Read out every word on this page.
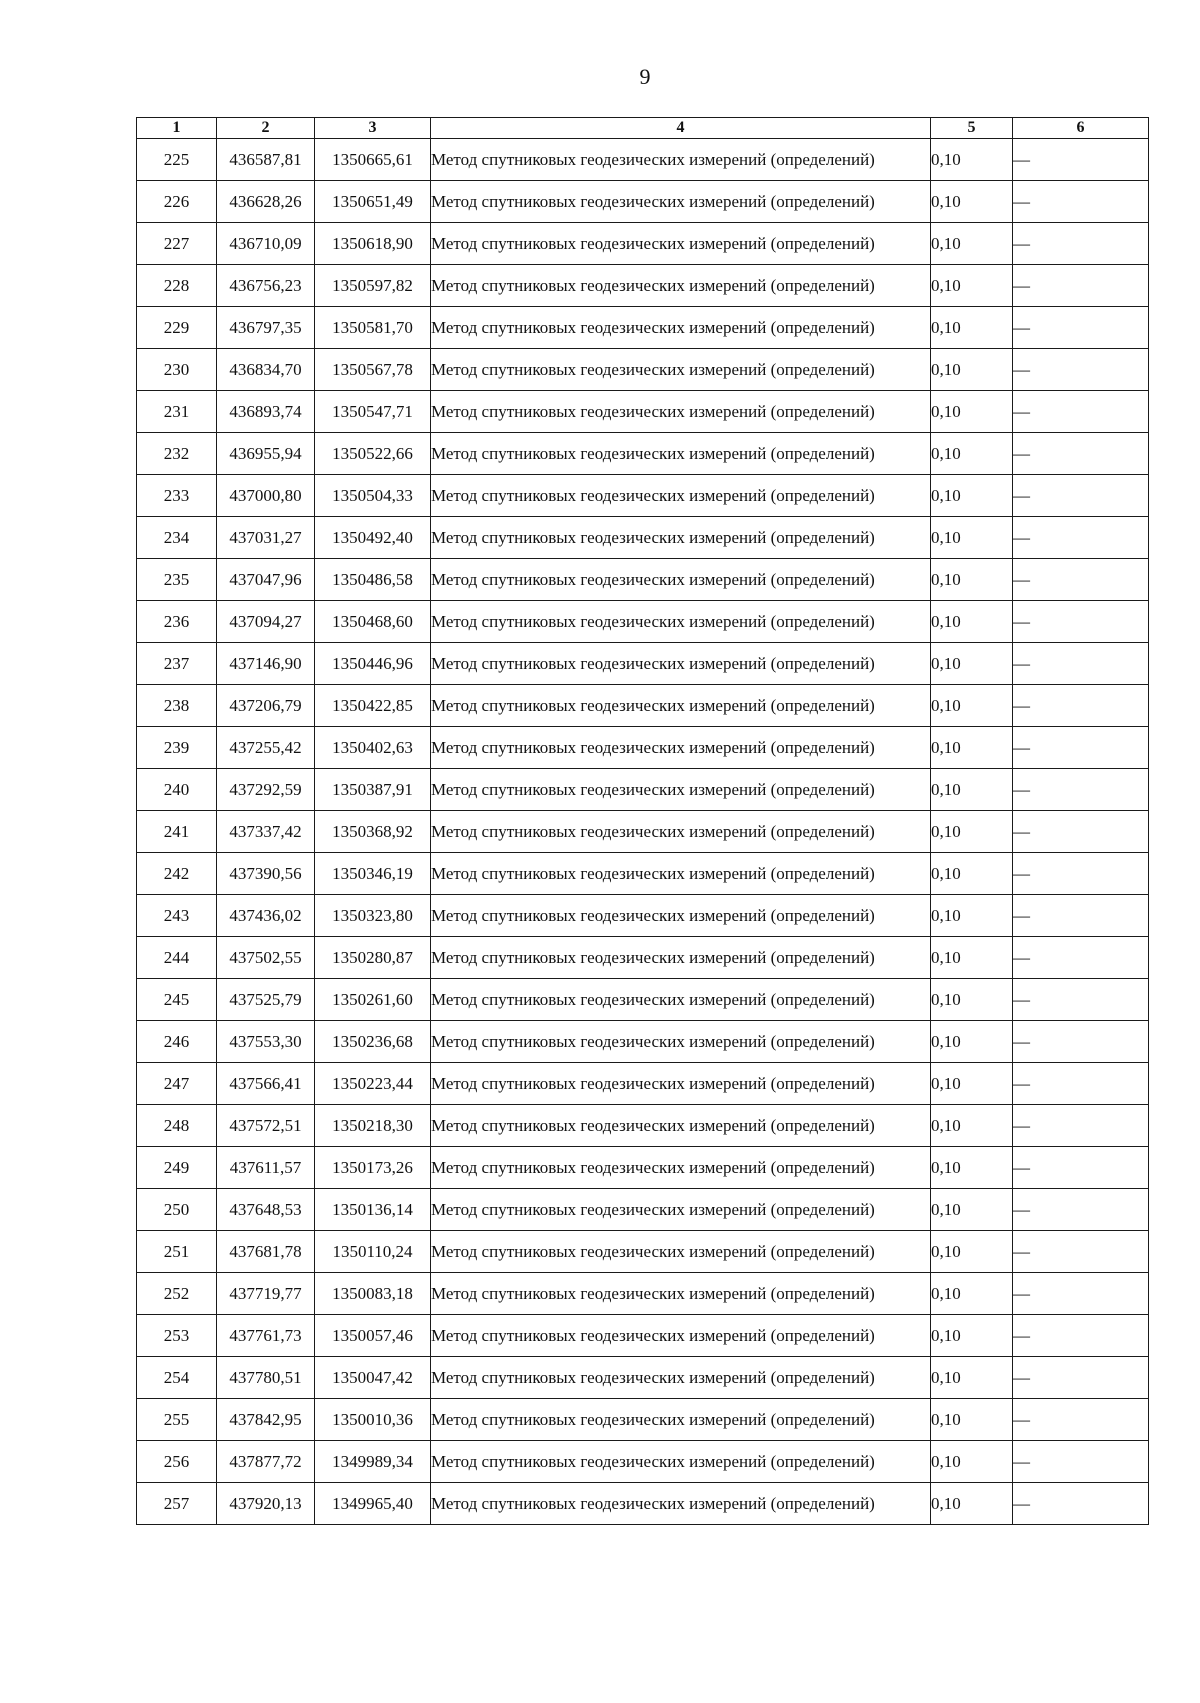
9
1	2	3	4	5	6
225	436587,81	1350665,61	Метод спутниковых геодезических измерений (определений)	0,10	—
226	436628,26	1350651,49	Метод спутниковых геодезических измерений (определений)	0,10	—
227	436710,09	1350618,90	Метод спутниковых геодезических измерений (определений)	0,10	—
228	436756,23	1350597,82	Метод спутниковых геодезических измерений (определений)	0,10	—
229	436797,35	1350581,70	Метод спутниковых геодезических измерений (определений)	0,10	—
230	436834,70	1350567,78	Метод спутниковых геодезических измерений (определений)	0,10	—
231	436893,74	1350547,71	Метод спутниковых геодезических измерений (определений)	0,10	—
232	436955,94	1350522,66	Метод спутниковых геодезических измерений (определений)	0,10	—
233	437000,80	1350504,33	Метод спутниковых геодезических измерений (определений)	0,10	—
234	437031,27	1350492,40	Метод спутниковых геодезических измерений (определений)	0,10	—
235	437047,96	1350486,58	Метод спутниковых геодезических измерений (определений)	0,10	—
236	437094,27	1350468,60	Метод спутниковых геодезических измерений (определений)	0,10	—
237	437146,90	1350446,96	Метод спутниковых геодезических измерений (определений)	0,10	—
238	437206,79	1350422,85	Метод спутниковых геодезических измерений (определений)	0,10	—
239	437255,42	1350402,63	Метод спутниковых геодезических измерений (определений)	0,10	—
240	437292,59	1350387,91	Метод спутниковых геодезических измерений (определений)	0,10	—
241	437337,42	1350368,92	Метод спутниковых геодезических измерений (определений)	0,10	—
242	437390,56	1350346,19	Метод спутниковых геодезических измерений (определений)	0,10	—
243	437436,02	1350323,80	Метод спутниковых геодезических измерений (определений)	0,10	—
244	437502,55	1350280,87	Метод спутниковых геодезических измерений (определений)	0,10	—
245	437525,79	1350261,60	Метод спутниковых геодезических измерений (определений)	0,10	—
246	437553,30	1350236,68	Метод спутниковых геодезических измерений (определений)	0,10	—
247	437566,41	1350223,44	Метод спутниковых геодезических измерений (определений)	0,10	—
248	437572,51	1350218,30	Метод спутниковых геодезических измерений (определений)	0,10	—
249	437611,57	1350173,26	Метод спутниковых геодезических измерений (определений)	0,10	—
250	437648,53	1350136,14	Метод спутниковых геодезических измерений (определений)	0,10	—
251	437681,78	1350110,24	Метод спутниковых геодезических измерений (определений)	0,10	—
252	437719,77	1350083,18	Метод спутниковых геодезических измерений (определений)	0,10	—
253	437761,73	1350057,46	Метод спутниковых геодезических измерений (определений)	0,10	—
254	437780,51	1350047,42	Метод спутниковых геодезических измерений (определений)	0,10	—
255	437842,95	1350010,36	Метод спутниковых геодезических измерений (определений)	0,10	—
256	437877,72	1349989,34	Метод спутниковых геодезических измерений (определений)	0,10	—
257	437920,13	1349965,40	Метод спутниковых геодезических измерений (определений)	0,10	—
